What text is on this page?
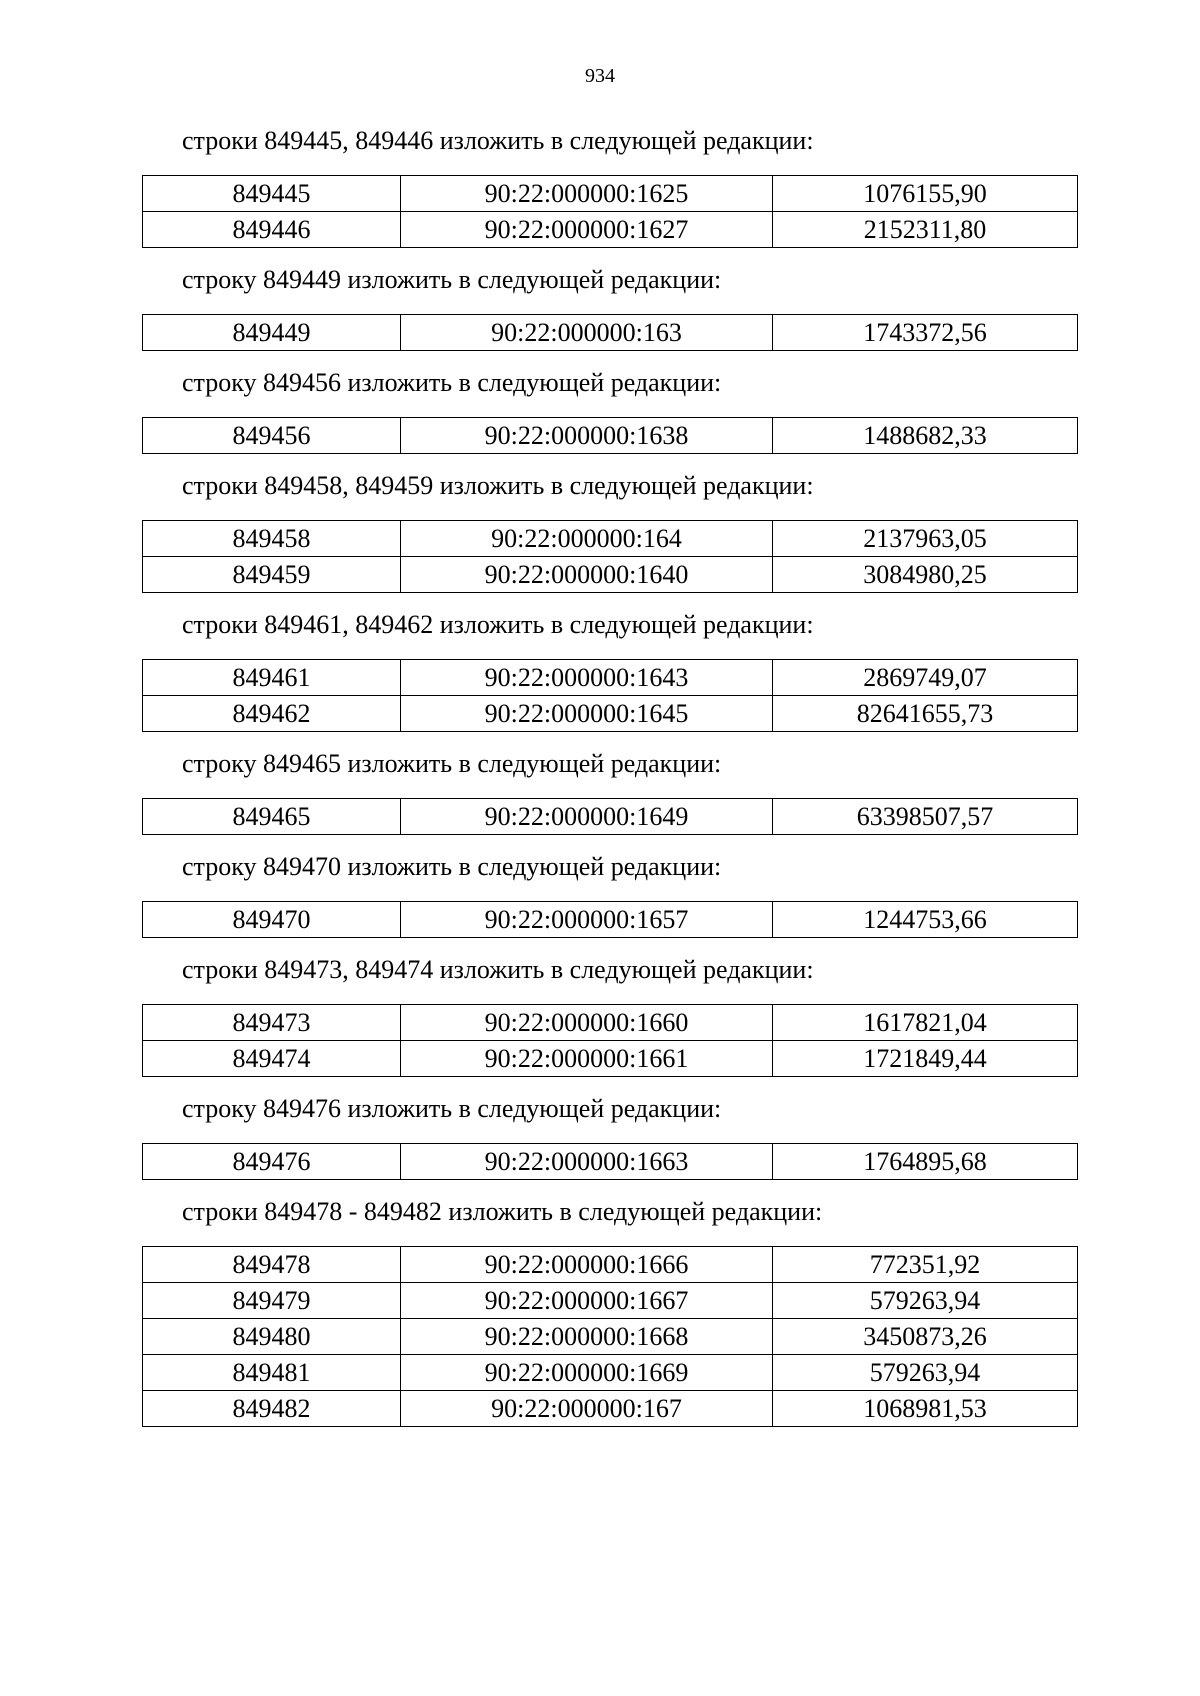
934

строки 849445, 849446 изложить в следующей редакции:

849445	90:22:000000:1625	1076155,90
849446	90:22:000000:1627	2152311,80

строку 849449 изложить в следующей редакции:

849449	90:22:000000:163	1743372,56

строку 849456 изложить в следующей редакции:

849456	90:22:000000:1638	1488682,33

строки 849458, 849459 изложить в следующей редакции:

849458	90:22:000000:164	2137963,05
849459	90:22:000000:1640	3084980,25

строки 849461, 849462 изложить в следующей редакции:

849461	90:22:000000:1643	2869749,07
849462	90:22:000000:1645	82641655,73

строку 849465 изложить в следующей редакции:

849465	90:22:000000:1649	63398507,57

строку 849470 изложить в следующей редакции:

849470	90:22:000000:1657	1244753,66

строки 849473, 849474 изложить в следующей редакции:

849473	90:22:000000:1660	1617821,04
849474	90:22:000000:1661	1721849,44

строку 849476 изложить в следующей редакции:

849476	90:22:000000:1663	1764895,68

строки 849478 - 849482 изложить в следующей редакции:

849478	90:22:000000:1666	772351,92
849479	90:22:000000:1667	579263,94
849480	90:22:000000:1668	3450873,26
849481	90:22:000000:1669	579263,94
849482	90:22:000000:167	1068981,53
